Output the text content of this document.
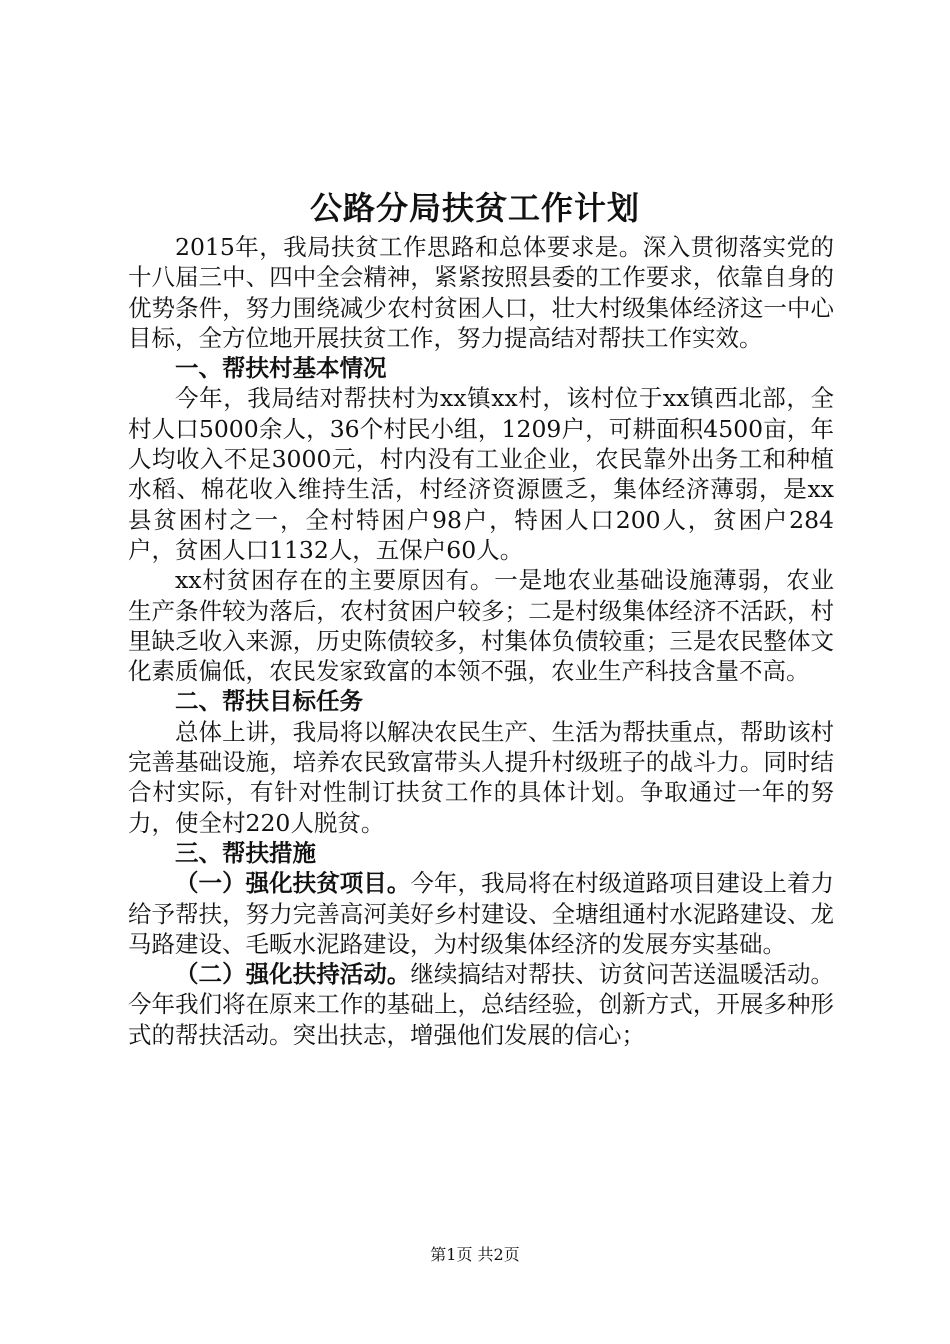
公路分局扶贫工作计划

2015年，我局扶贫工作思路和总体要求是。深入贯彻落实党的十八届三中、四中全会精神，紧紧按照县委的工作要求，依靠自身的优势条件，努力围绕减少农村贫困人口，壮大村级集体经济这一中心目标，全方位地开展扶贫工作，努力提高结对帮扶工作实效。

一、帮扶村基本情况

今年，我局结对帮扶村为xx镇xx村，该村位于xx镇西北部，全村人口5000余人，36个村民小组，1209户，可耕面积4500亩，年人均收入不足3000元，村内没有工业企业，农民靠外出务工和种植水稻、棉花收入维持生活，村经济资源匮乏，集体经济薄弱，是xx县贫困村之一，全村特困户98户，特困人口200人，贫困户284户，贫困人口1132人，五保户60人。

xx村贫困存在的主要原因有。一是地农业基础设施薄弱，农业生产条件较为落后，农村贫困户较多；二是村级集体经济不活跃，村里缺乏收入来源，历史陈债较多，村集体负债较重；三是农民整体文化素质偏低，农民发家致富的本领不强，农业生产科技含量不高。

二、帮扶目标任务

总体上讲，我局将以解决农民生产、生活为帮扶重点，帮助该村完善基础设施，培养农民致富带头人提升村级班子的战斗力。同时结合村实际，有针对性制订扶贫工作的具体计划。争取通过一年的努力，使全村220人脱贫。

三、帮扶措施

（一）强化扶贫项目。今年，我局将在村级道路项目建设上着力给予帮扶，努力完善高河美好乡村建设、全塘组通村水泥路建设、龙马路建设、毛畈水泥路建设，为村级集体经济的发展夯实基础。

（二）强化扶持活动。继续搞结对帮扶、访贫问苦送温暖活动。今年我们将在原来工作的基础上，总结经验，创新方式，开展多种形式的帮扶活动。突出扶志，增强他们发展的信心；

第1页 共2页
